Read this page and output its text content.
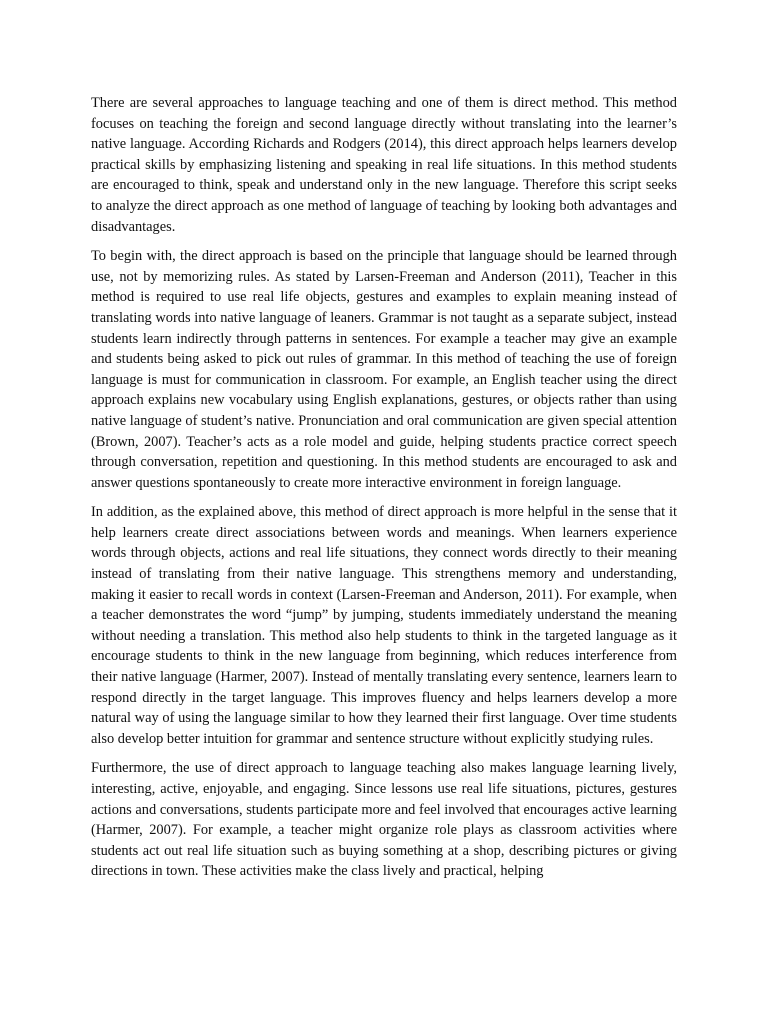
There are several approaches to language teaching and one of them is direct method. This method focuses on teaching the foreign and second language directly without translating into the learner’s native language. According Richards and Rodgers (2014), this direct approach helps learners develop practical skills by emphasizing listening and speaking in real life situations. In this method students are encouraged to think, speak and understand only in the new language. Therefore this script seeks to analyze the direct approach as one method of language of teaching by looking both advantages and disadvantages.

To begin with, the direct approach is based on the principle that language should be learned through use, not by memorizing rules. As stated by Larsen-Freeman and Anderson (2011), Teacher in this method is required to use real life objects, gestures and examples to explain meaning instead of translating words into native language of leaners. Grammar is not taught as a separate subject, instead students learn indirectly through patterns in sentences. For example a teacher may give an example and students being asked to pick out rules of grammar. In this method of teaching the use of foreign language is must for communication in classroom. For example, an English teacher using the direct approach explains new vocabulary using English explanations, gestures, or objects rather than using native language of student’s native. Pronunciation and oral communication are given special attention (Brown, 2007). Teacher’s acts as a role model and guide, helping students practice correct speech through conversation, repetition and questioning. In this method students are encouraged to ask and answer questions spontaneously to create more interactive environment in foreign language.

In addition, as the explained above, this method of direct approach is more helpful in the sense that it help learners create direct associations between words and meanings. When learners experience words through objects, actions and real life situations, they connect words directly to their meaning instead of translating from their native language. This strengthens memory and understanding, making it easier to recall words in context (Larsen-Freeman and Anderson, 2011). For example, when a teacher demonstrates the word “jump” by jumping, students immediately understand the meaning without needing a translation. This method also help students to think in the targeted language as it encourage students to think in the new language from beginning, which reduces interference from their native language (Harmer, 2007). Instead of mentally translating every sentence, learners learn to respond directly in the target language. This improves fluency and helps learners develop a more natural way of using the language similar to how they learned their first language. Over time students also develop better intuition for grammar and sentence structure without explicitly studying rules.

Furthermore, the use of direct approach to language teaching also makes language learning lively, interesting, active, enjoyable, and engaging. Since lessons use real life situations, pictures, gestures actions and conversations, students participate more and feel involved that encourages active learning (Harmer, 2007). For example, a teacher might organize role plays as classroom activities where students act out real life situation such as buying something at a shop, describing pictures or giving directions in town. These activities make the class lively and practical, helping
